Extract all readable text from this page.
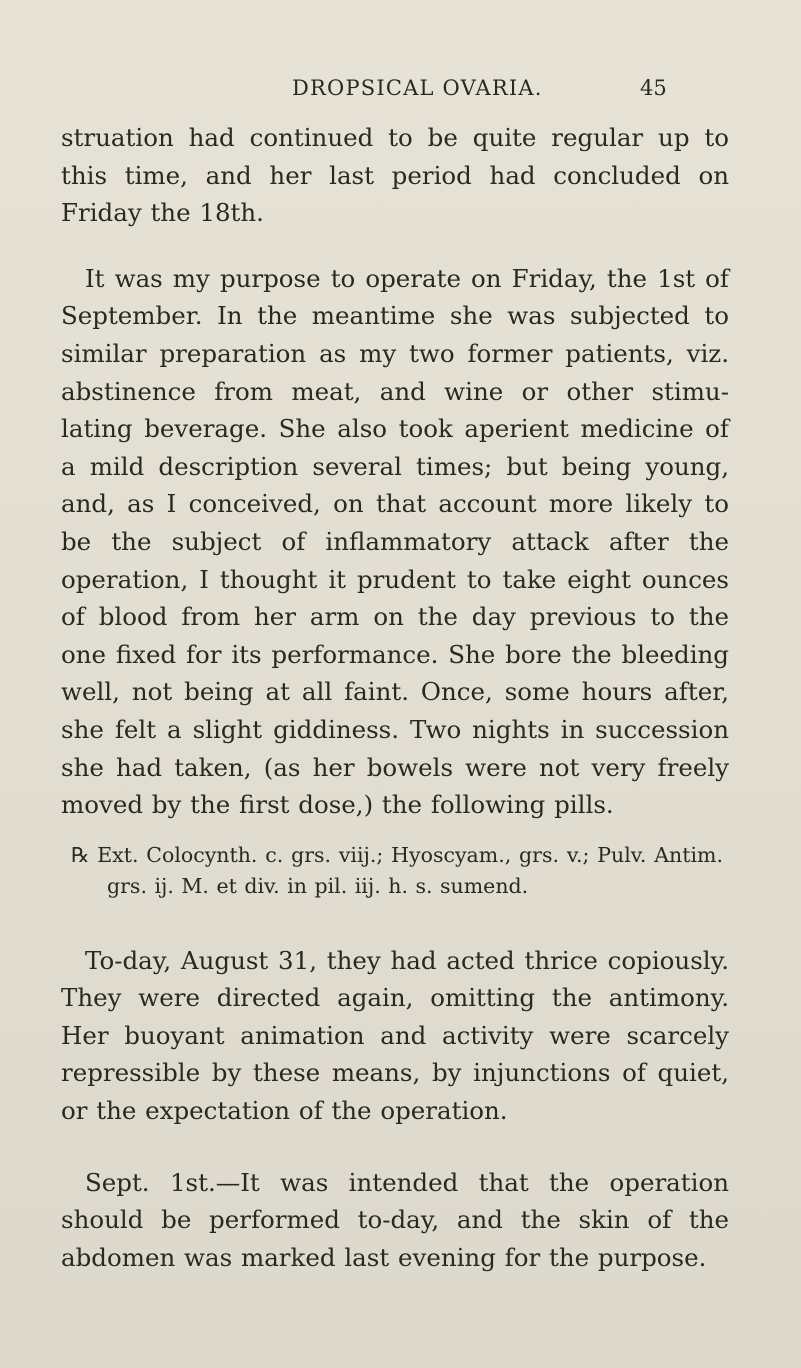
DROPSICAL OVARIA.	45

struation had continued to be quite regular up to this time, and her last period had concluded on Friday the 18th.

It was my purpose to operate on Friday, the 1st of September. In the meantime she was subjected to similar preparation as my two former patients, viz. abstinence from meat, and wine or other stimu- lating beverage. She also took aperient medicine of a mild description several times; but being young, and, as I conceived, on that account more likely to be the subject of inflammatory attack after the operation, I thought it prudent to take eight ounces of blood from her arm on the day previous to the one fixed for its performance. She bore the bleeding well, not being at all faint. Once, some hours after, she felt a slight giddiness. Two nights in succession she had taken, (as her bowels were not very freely moved by the first dose,) the following pills.

℞ Ext. Colocynth. c. grs. viij.; Hyoscyam., grs. v.; Pulv. Antim. grs. ij. M. et div. in pil. iij. h. s. sumend.

To-day, August 31, they had acted thrice copiously. They were directed again, omitting the antimony. Her buoyant animation and activity were scarcely repressible by these means, by injunctions of quiet, or the expectation of the operation.

Sept. 1st.—It was intended that the operation should be performed to-day, and the skin of the abdomen was marked last evening for the purpose.
